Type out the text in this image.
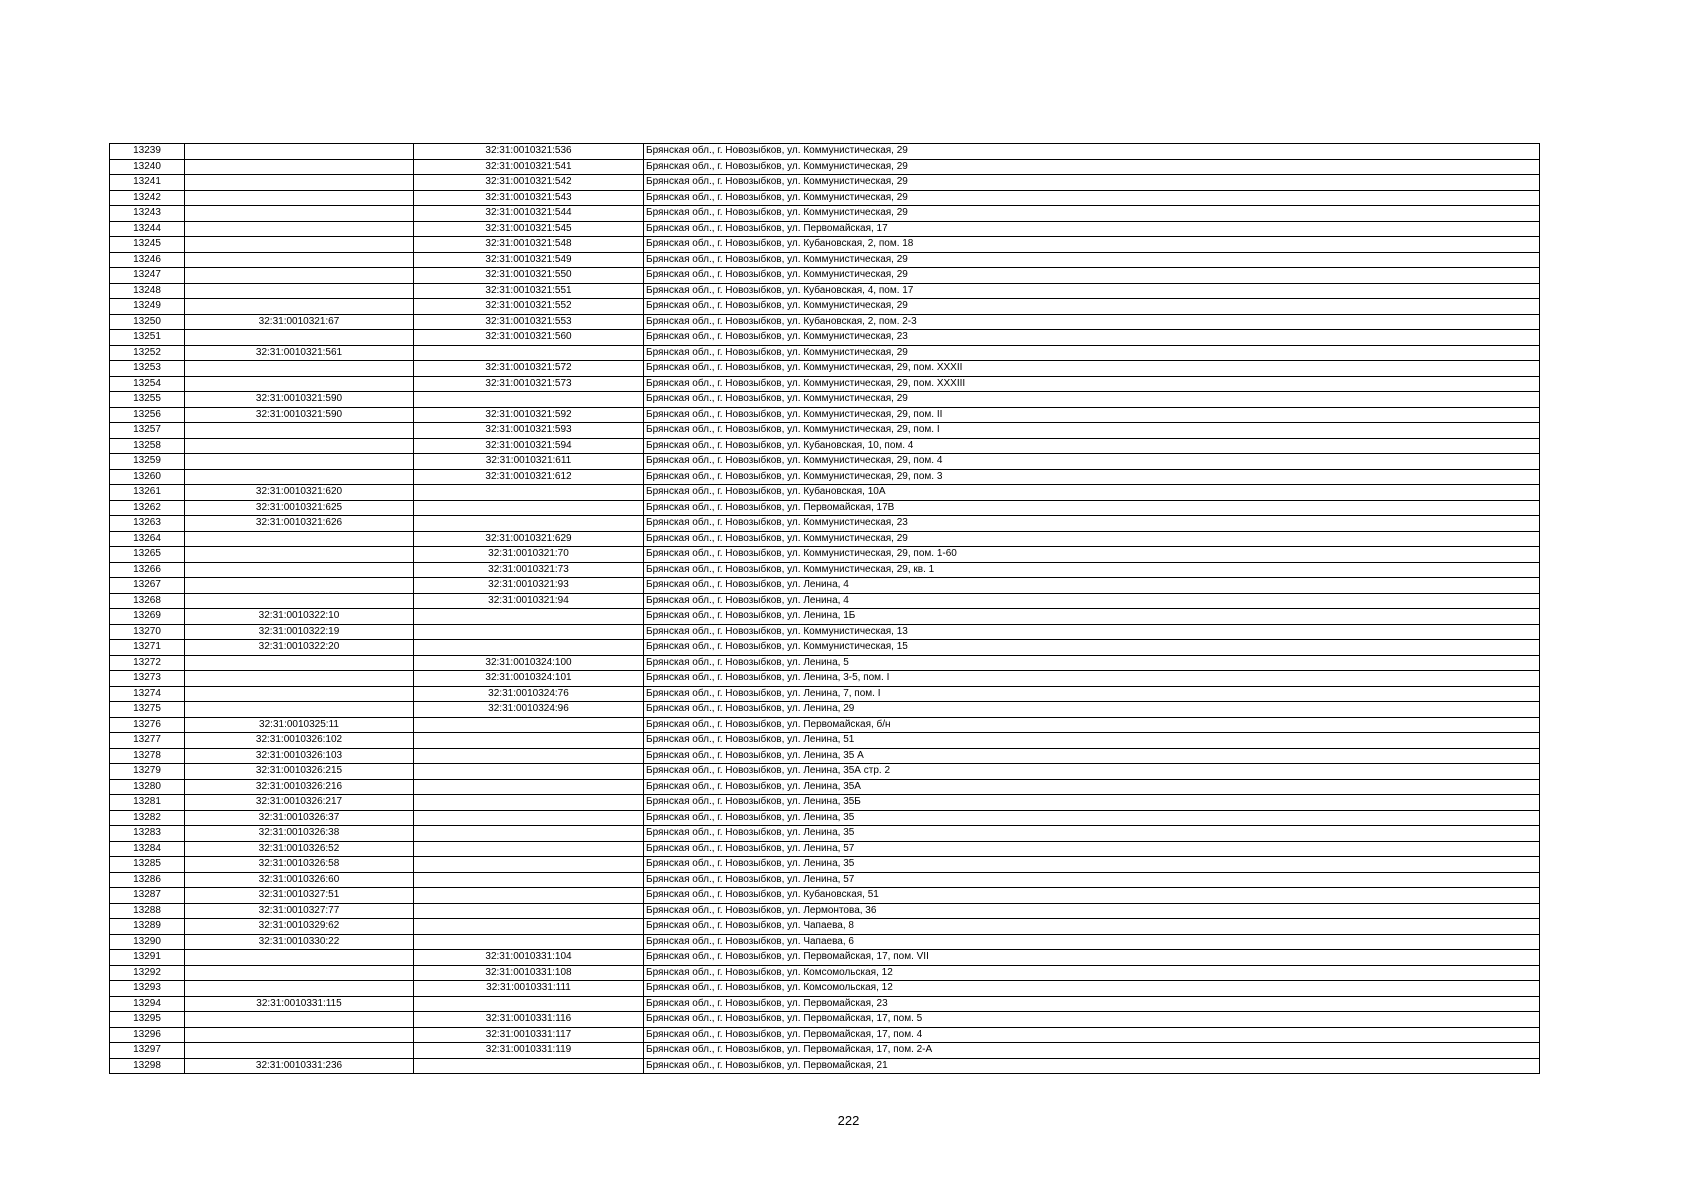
13239		32:31:0010321:536	Брянская обл., г. Новозыбков, ул. Коммунистическая, 29
13240		32:31:0010321:541	Брянская обл., г. Новозыбков, ул. Коммунистическая, 29
13241		32:31:0010321:542	Брянская обл., г. Новозыбков, ул. Коммунистическая, 29
13242		32:31:0010321:543	Брянская обл., г. Новозыбков, ул. Коммунистическая, 29
13243		32:31:0010321:544	Брянская обл., г. Новозыбков, ул. Коммунистическая, 29
13244		32:31:0010321:545	Брянская обл., г. Новозыбков, ул. Первомайская, 17
13245		32:31:0010321:548	Брянская обл., г. Новозыбков, ул. Кубановская, 2, пом. 18
13246		32:31:0010321:549	Брянская обл., г. Новозыбков, ул. Коммунистическая, 29
13247		32:31:0010321:550	Брянская обл., г. Новозыбков, ул. Коммунистическая, 29
13248		32:31:0010321:551	Брянская обл., г. Новозыбков, ул. Кубановская, 4, пом. 17
13249		32:31:0010321:552	Брянская обл., г. Новозыбков, ул. Коммунистическая, 29
13250	32:31:0010321:67	32:31:0010321:553	Брянская обл., г. Новозыбков, ул. Кубановская, 2, пом. 2-3
13251		32:31:0010321:560	Брянская обл., г. Новозыбков, ул. Коммунистическая, 23
13252	32:31:0010321:561		Брянская обл., г. Новозыбков, ул. Коммунистическая, 29
13253		32:31:0010321:572	Брянская обл., г. Новозыбков, ул. Коммунистическая, 29, пом. XXXII
13254		32:31:0010321:573	Брянская обл., г. Новозыбков, ул. Коммунистическая, 29, пом. XXXIII
13255	32:31:0010321:590		Брянская обл., г. Новозыбков, ул. Коммунистическая, 29
13256	32:31:0010321:590	32:31:0010321:592	Брянская обл., г. Новозыбков, ул. Коммунистическая, 29, пом. II
13257		32:31:0010321:593	Брянская обл., г. Новозыбков, ул. Коммунистическая, 29, пом. I
13258		32:31:0010321:594	Брянская обл., г. Новозыбков, ул. Кубановская, 10, пом. 4
13259		32:31:0010321:611	Брянская обл., г. Новозыбков, ул. Коммунистическая, 29, пом. 4
13260		32:31:0010321:612	Брянская обл., г. Новозыбков, ул. Коммунистическая, 29, пом. 3
13261	32:31:0010321:620		Брянская обл., г. Новозыбков, ул. Кубановская, 10А
13262	32:31:0010321:625		Брянская обл., г. Новозыбков, ул. Первомайская, 17В
13263	32:31:0010321:626		Брянская обл., г. Новозыбков, ул. Коммунистическая, 23
13264		32:31:0010321:629	Брянская обл., г. Новозыбков, ул. Коммунистическая, 29
13265		32:31:0010321:70	Брянская обл., г. Новозыбков, ул. Коммунистическая, 29, пом. 1-60
13266		32:31:0010321:73	Брянская обл., г. Новозыбков, ул. Коммунистическая, 29, кв. 1
13267		32:31:0010321:93	Брянская обл., г. Новозыбков, ул. Ленина, 4
13268		32:31:0010321:94	Брянская обл., г. Новозыбков, ул. Ленина, 4
13269	32:31:0010322:10		Брянская обл., г. Новозыбков, ул. Ленина, 1Б
13270	32:31:0010322:19		Брянская обл., г. Новозыбков, ул. Коммунистическая, 13
13271	32:31:0010322:20		Брянская обл., г. Новозыбков, ул. Коммунистическая, 15
13272		32:31:0010324:100	Брянская обл., г. Новозыбков, ул. Ленина, 5
13273		32:31:0010324:101	Брянская обл., г. Новозыбков, ул. Ленина, 3-5, пом. I
13274		32:31:0010324:76	Брянская обл., г. Новозыбков, ул. Ленина, 7, пом. I
13275		32:31:0010324:96	Брянская обл., г. Новозыбков, ул. Ленина, 29
13276	32:31:0010325:11		Брянская обл., г. Новозыбков, ул. Первомайская, б/н
13277	32:31:0010326:102		Брянская обл., г. Новозыбков, ул. Ленина, 51
13278	32:31:0010326:103		Брянская обл., г. Новозыбков, ул. Ленина, 35 А
13279	32:31:0010326:215		Брянская обл., г. Новозыбков, ул. Ленина, 35А стр. 2
13280	32:31:0010326:216		Брянская обл., г. Новозыбков, ул. Ленина, 35А
13281	32:31:0010326:217		Брянская обл., г. Новозыбков, ул. Ленина, 35Б
13282	32:31:0010326:37		Брянская обл., г. Новозыбков, ул. Ленина, 35
13283	32:31:0010326:38		Брянская обл., г. Новозыбков, ул. Ленина, 35
13284	32:31:0010326:52		Брянская обл., г. Новозыбков, ул. Ленина, 57
13285	32:31:0010326:58		Брянская обл., г. Новозыбков, ул. Ленина, 35
13286	32:31:0010326:60		Брянская обл., г. Новозыбков, ул. Ленина, 57
13287	32:31:0010327:51		Брянская обл., г. Новозыбков, ул. Кубановская, 51
13288	32:31:0010327:77		Брянская обл., г. Новозыбков, ул. Лермонтова, 36
13289	32:31:0010329:62		Брянская обл., г. Новозыбков, ул. Чапаева, 8
13290	32:31:0010330:22		Брянская обл., г. Новозыбков, ул. Чапаева, 6
13291		32:31:0010331:104	Брянская обл., г. Новозыбков, ул. Первомайская, 17, пом. VII
13292		32:31:0010331:108	Брянская обл., г. Новозыбков, ул. Комсомольская, 12
13293		32:31:0010331:111	Брянская обл., г. Новозыбков, ул. Комсомольская, 12
13294	32:31:0010331:115		Брянская обл., г. Новозыбков, ул. Первомайская, 23
13295		32:31:0010331:116	Брянская обл., г. Новозыбков, ул. Первомайская, 17, пом. 5
13296		32:31:0010331:117	Брянская обл., г. Новозыбков, ул. Первомайская, 17, пом. 4
13297		32:31:0010331:119	Брянская обл., г. Новозыбков, ул. Первомайская, 17, пом. 2-А
13298	32:31:0010331:236		Брянская обл., г. Новозыбков, ул. Первомайская, 21
222
